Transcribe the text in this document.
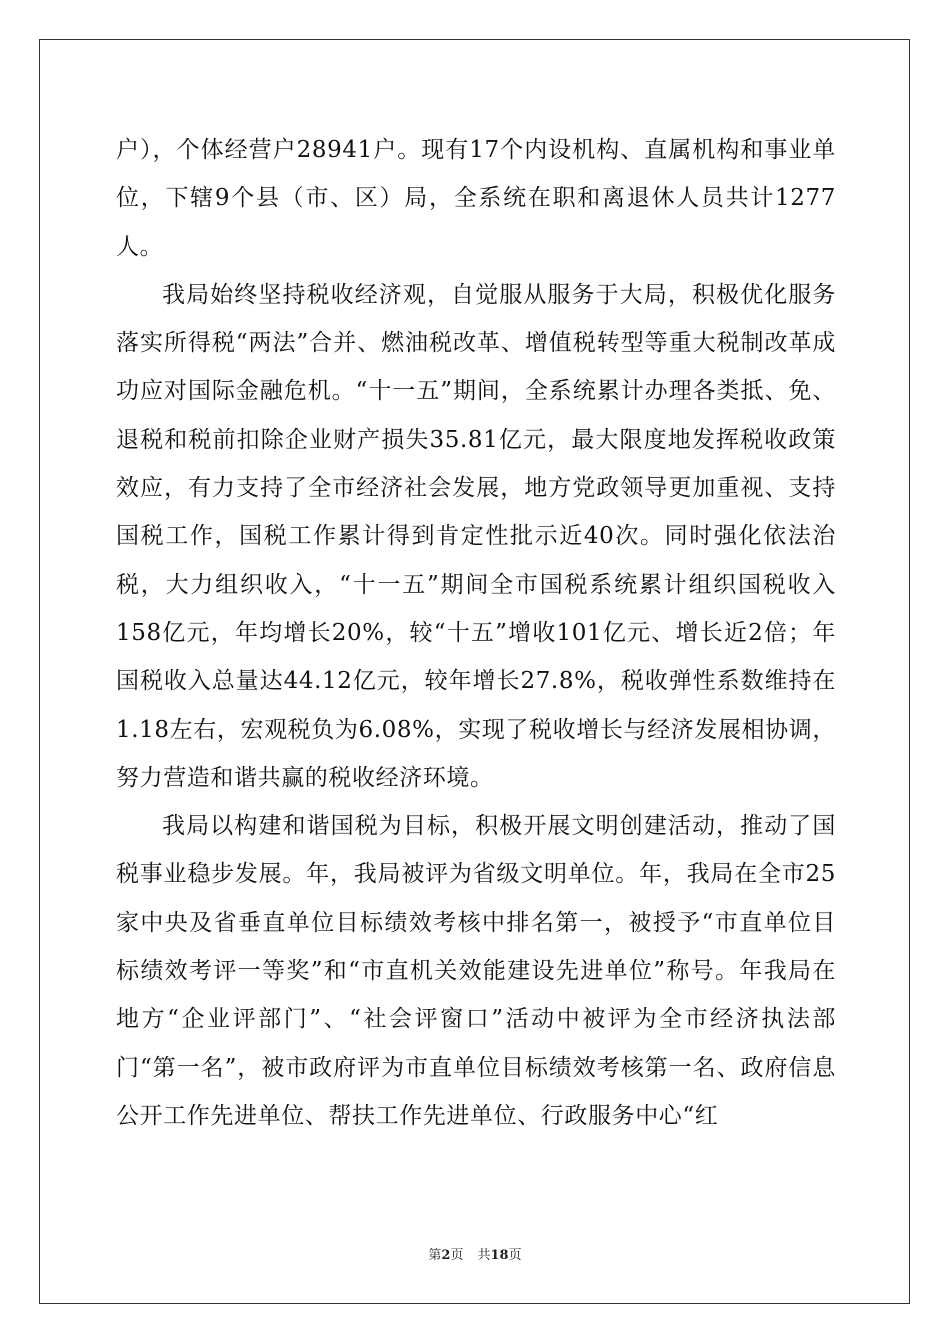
户），个体经营户28941户。现有17个内设机构、直属机构和事业单位，下辖9个县（市、区）局，全系统在职和离退休人员共计1277人。

我局始终坚持税收经济观，自觉服从服务于大局，积极优化服务落实所得税“两法”合并、燃油税改革、增值税转型等重大税制改革成功应对国际金融危机。“十一五”期间，全系统累计办理各类抵、免、退税和税前扣除企业财产损失35.81亿元，最大限度地发挥税收政策效应，有力支持了全市经济社会发展，地方党政领导更加重视、支持国税工作，国税工作累计得到肯定性批示近40次。同时强化依法治税，大力组织收入，“十一五”期间全市国税系统累计组织国税收入158亿元，年均增长20%，较“十五”增收101亿元、增长近2倍；年国税收入总量达44.12亿元，较年增长27.8%，税收弹性系数维持在1.18左右，宏观税负为6.08%，实现了税收增长与经济发展相协调，努力营造和谐共赢的税收经济环境。

我局以构建和谐国税为目标，积极开展文明创建活动，推动了国税事业稳步发展。年，我局被评为省级文明单位。年，我局在全市25家中央及省垂直单位目标绩效考核中排名第一，被授予“市直单位目标绩效考评一等奖”和“市直机关效能建设先进单位”称号。年我局在地方“企业评部门”、“社会评窗口”活动中被评为全市经济执法部门“第一名”，被市政府评为市直单位目标绩效考核第一名、政府信息公开工作先进单位、帮扶工作先进单位、行政服务中心“红

第2页 共18页
